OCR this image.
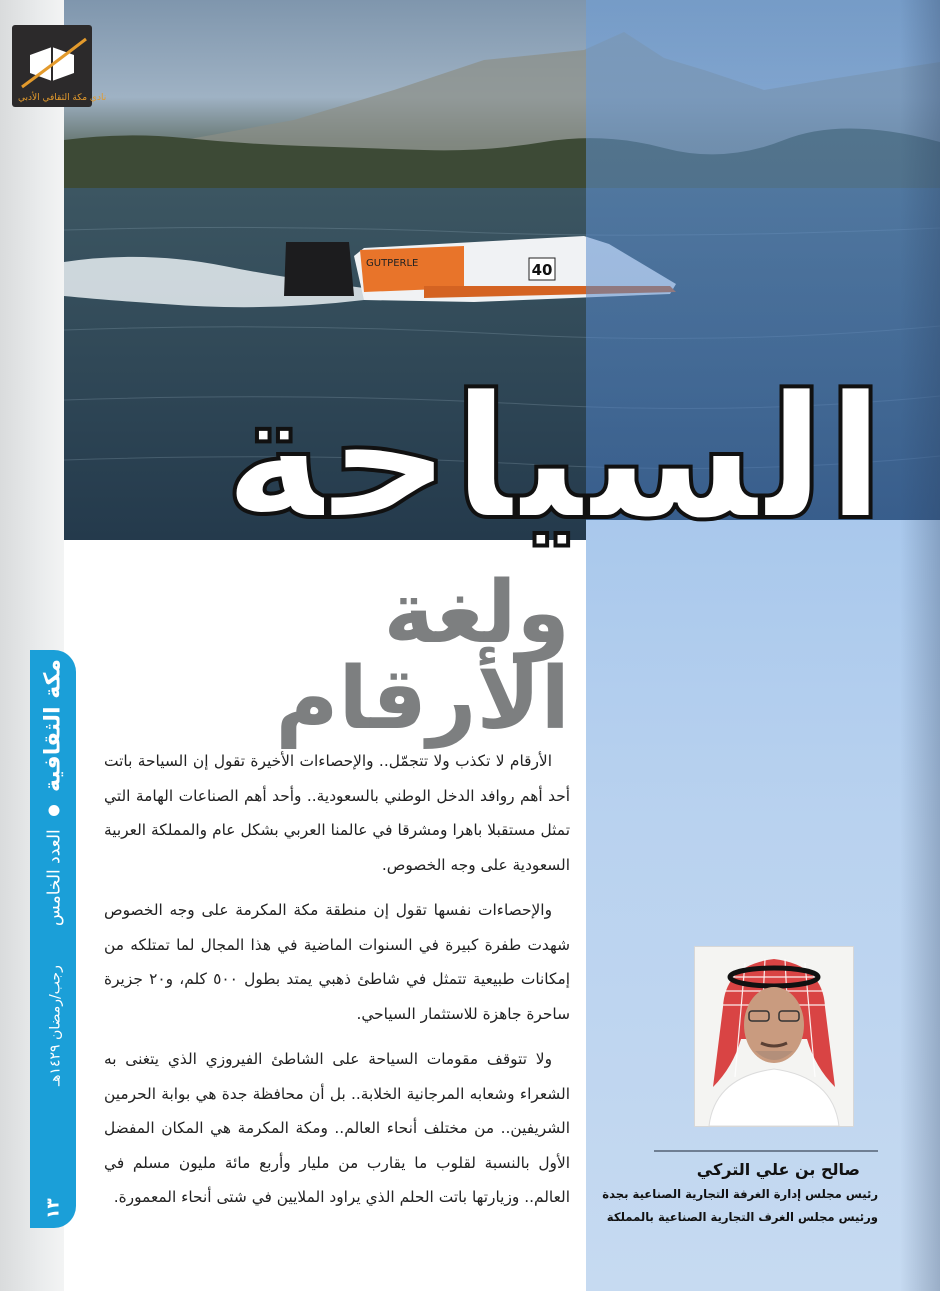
40
GUTPERLE
نادي مكة الثقافي الأدبي
السياحة
ولغة الأرقام
مكة الثقافية  العدد الخامس رجب/رمضان ١٤٢٩هـ
١٣

الأرقام لا تكذب ولا تتجمّل.. والإحصاءات الأخيرة تقول إن السياحة باتت أحد أهم روافد الدخل الوطني بالسعودية.. وأحد أهم الصناعات الهامة التي تمثل مستقبلا باهرا ومشرقا في عالمنا العربي بشكل عام والمملكة العربية السعودية على وجه الخصوص.

والإحصاءات نفسها تقول إن منطقة مكة المكرمة على وجه الخصوص شهدت طفرة كبيرة في السنوات الماضية في هذا المجال لما تمتلكه من إمكانات طبيعية تتمثل في شاطئ ذهبي يمتد بطول ٥٠٠ كلم، و٢٠ جزيرة ساحرة جاهزة للاستثمار السياحي.

ولا تتوقف مقومات السياحة على الشاطئ الفيروزي الذي يتغنى به الشعراء وشعابه المرجانية الخلابة.. بل أن محافظة جدة هي بوابة الحرمين الشريفين.. من مختلف أنحاء العالم.. ومكة المكرمة هي المكان المفضل الأول بالنسبة لقلوب ما يقارب من مليار وأربع مائة مليون مسلم في العالم.. وزيارتها باتت الحلم الذي يراود الملايين في شتى أنحاء المعمورة.

صالح بن علي التركي
رئيس مجلس إدارة الغرفة التجارية الصناعية بجدة
ورئيس مجلس الغرف التجارية الصناعية بالمملكة
